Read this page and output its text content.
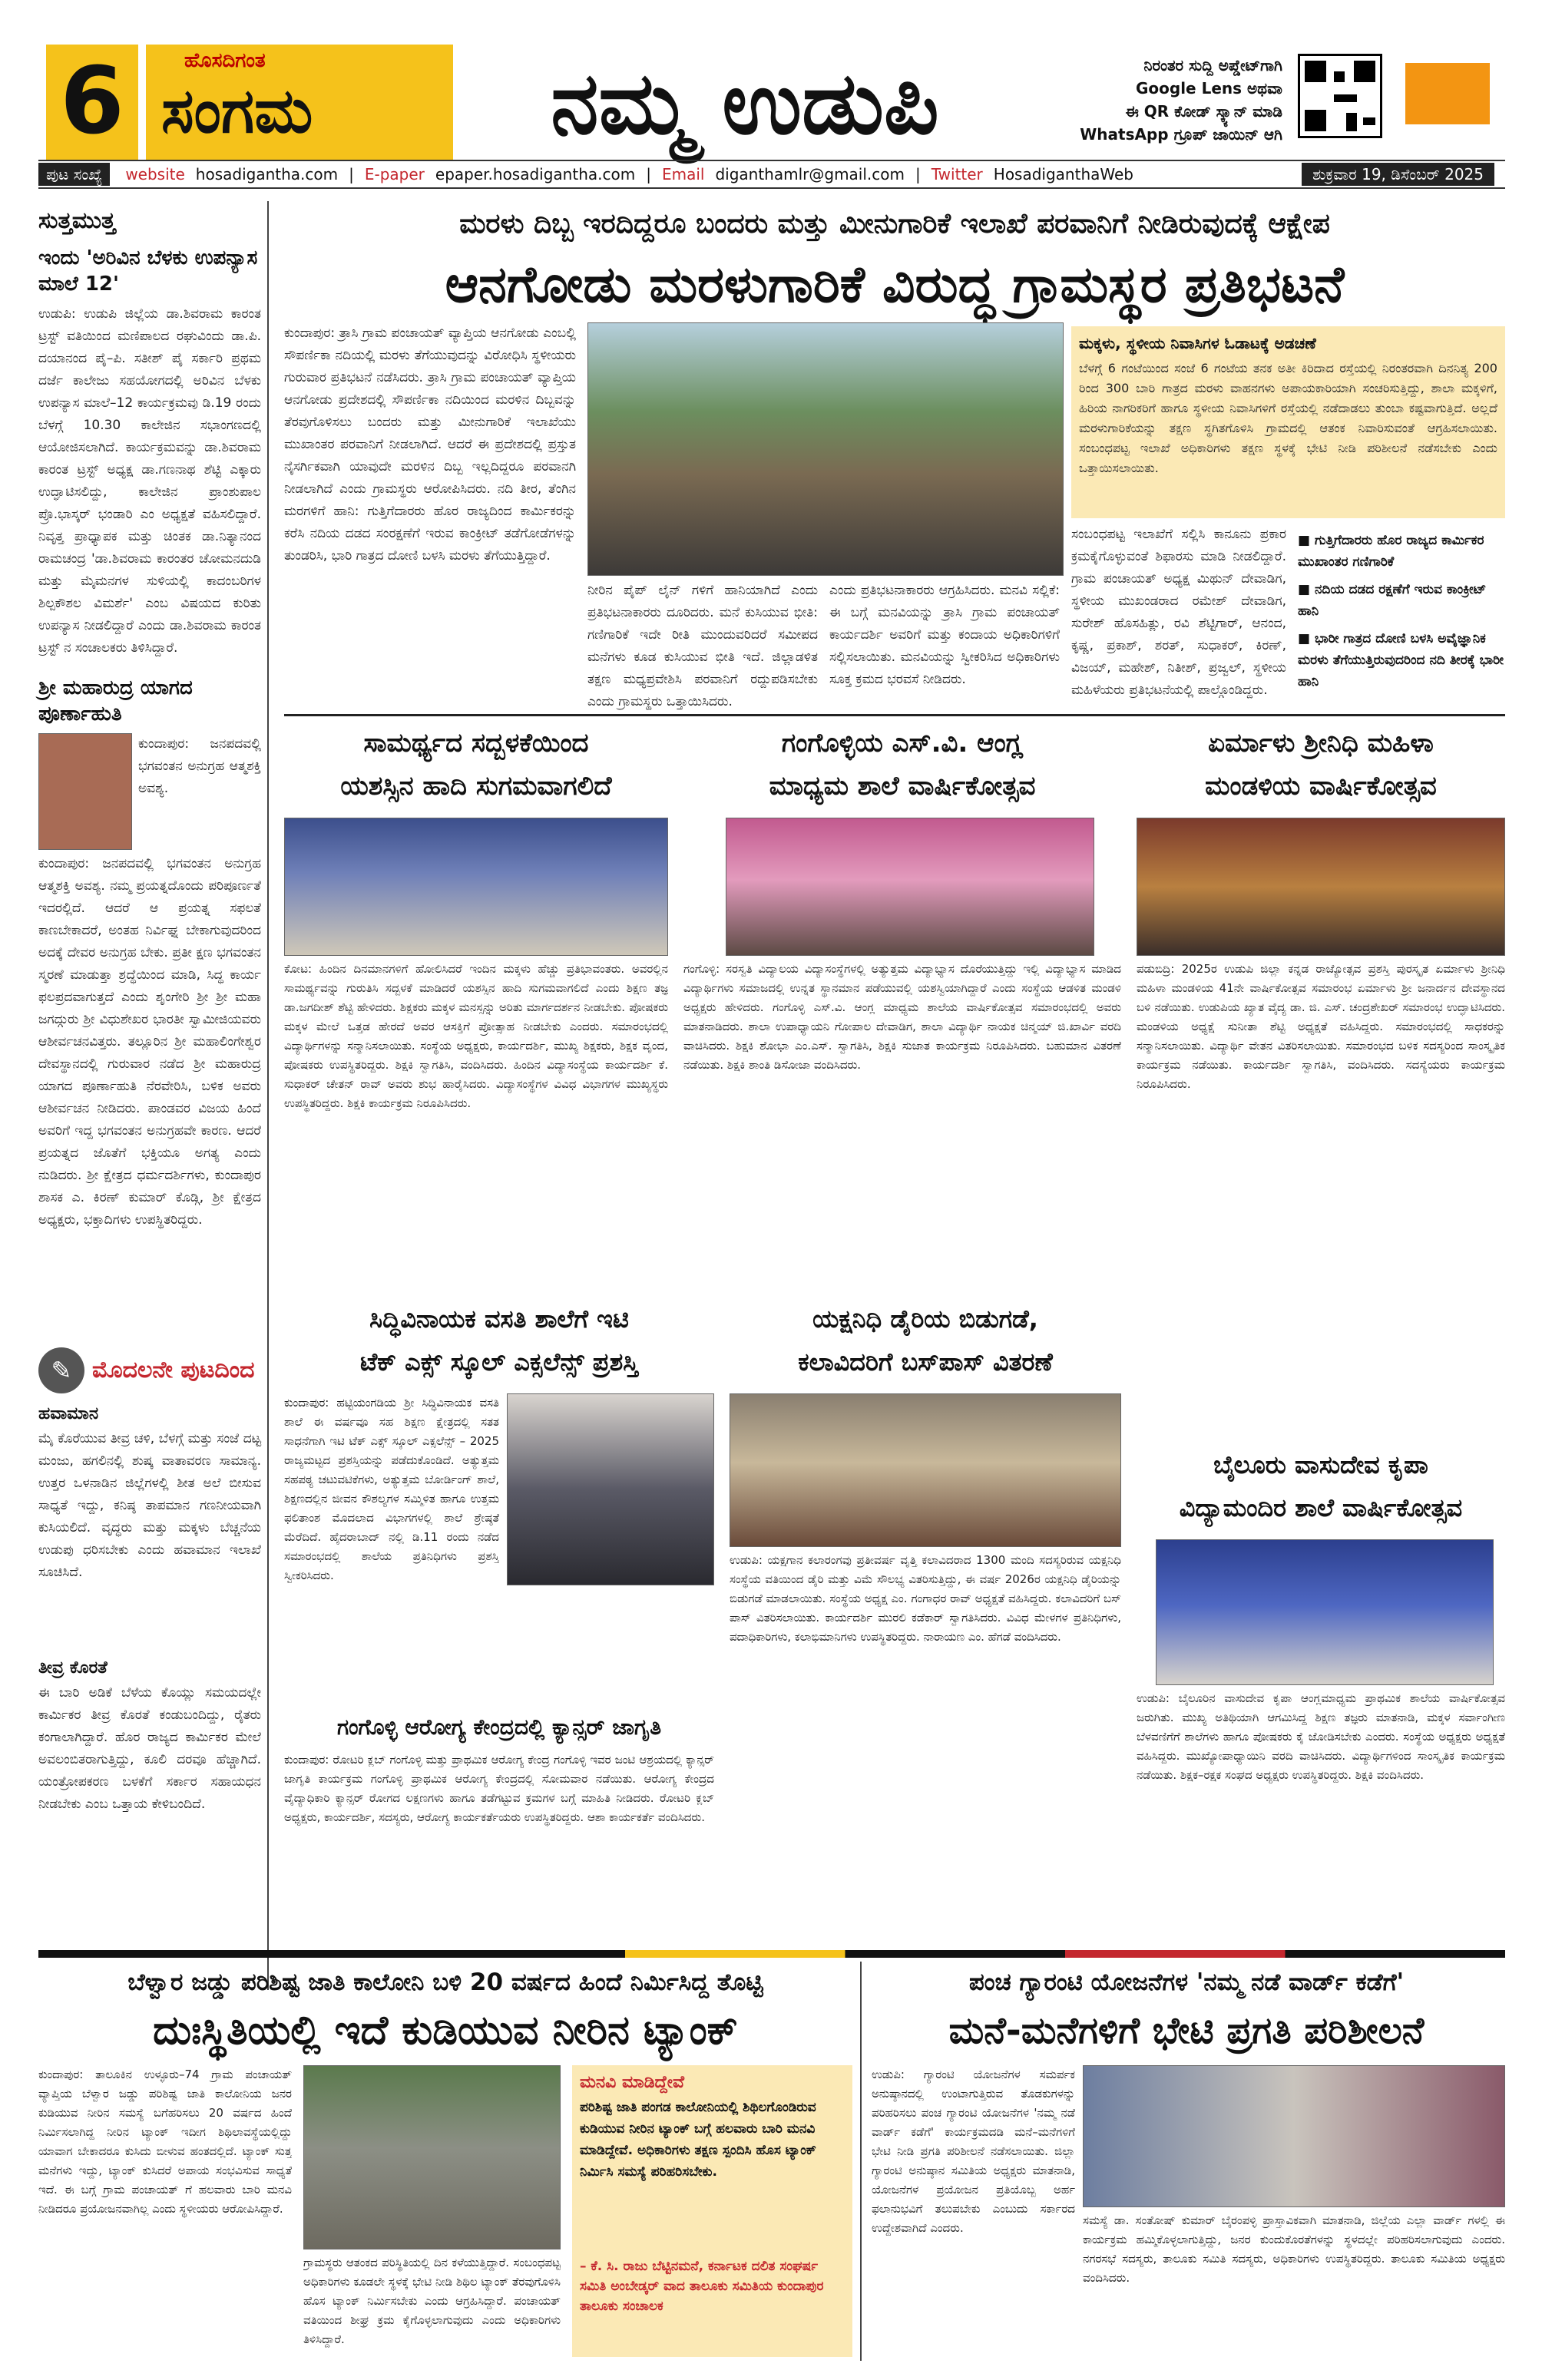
6	ಹೊಸದಿಗಂತ
ಸಂಗಮ	ನಮ್ಮ ಉಡುಪಿ	ನಿರಂತರ ಸುದ್ದಿ ಅಪ್ಡೇಟ್‌ಗಾಗಿ
Google Lens ಅಥವಾ
ಈ QR ಕೋಡ್ ಸ್ಕ್ಯಾನ್ ಮಾಡಿ
WhatsApp ಗ್ರೂಪ್ ಜಾಯಿನ್ ಆಗಿ
ಪುಟ ಸಂಖ್ಯೆ	website hosadigantha.com | E-paper epaper.hosadigantha.com | Email diganthamlr@gmail.com | Twitter HosadiganthaWeb	ಶುಕ್ರವಾರ 19, ಡಿಸೆಂಬರ್ 2025
ಸುತ್ತಮುತ್ತ
ಇಂದು 'ಅರಿವಿನ ಬೆಳಕು ಉಪನ್ಯಾಸ ಮಾಲೆ 12'
ಉಡುಪಿ: ಉಡುಪಿ ಜಿಲ್ಲೆಯ ಡಾ.ಶಿವರಾಮ ಕಾರಂತ ಟ್ರಸ್ಟ್ ವತಿಯಿಂದ ಮಣಿಪಾಲದ ರಘುವಿಂದು ಡಾ.ಪಿ. ದಯಾನಂದ ಪೈ–ಪಿ. ಸತೀಶ್ ಪೈ ಸರ್ಕಾರಿ ಪ್ರಥಮ ದರ್ಜೆ ಕಾಲೇಜು ಸಹಯೋಗದಲ್ಲಿ ಅರಿವಿನ ಬೆಳಕು ಉಪನ್ಯಾಸ ಮಾಲೆ–12 ಕಾರ್ಯಕ್ರಮವು ಡಿ.19 ರಂದು ಬೆಳಗ್ಗೆ 10.30 ಕಾಲೇಜಿನ ಸಭಾಂಗಣದಲ್ಲಿ ಆಯೋಜಿಸಲಾಗಿದೆ. ಕಾರ್ಯಕ್ರಮವನ್ನು ಡಾ.ಶಿವರಾಮ ಕಾರಂತ ಟ್ರಸ್ಟ್ ಅಧ್ಯಕ್ಷ ಡಾ.ಗಣನಾಥ ಶೆಟ್ಟಿ ಎಕ್ಕಾರು ಉದ್ಘಾಟಿಸಲಿದ್ದು, ಕಾಲೇಜಿನ ಪ್ರಾಂಶುಪಾಲ ಪ್ರೊ.ಭಾಸ್ಕರ್ ಭಂಡಾರಿ ಎಂ ಅಧ್ಯಕ್ಷತೆ ವಹಿಸಲಿದ್ದಾರೆ. ನಿವೃತ್ತ ಪ್ರಾಧ್ಯಾಪಕ ಮತ್ತು ಚಿಂತಕ ಡಾ.ನಿತ್ಯಾನಂದ ರಾಮಚಂದ್ರ 'ಡಾ.ಶಿವರಾಮ ಕಾರಂತರ ಚೋಮನದುಡಿ ಮತ್ತು ಮೈಮನಗಳ ಸುಳಿಯಲ್ಲಿ ಕಾದಂಬರಿಗಳ ಶಿಲ್ಪಕೌಶಲ ವಿಮರ್ಶೆ' ಎಂಬ ವಿಷಯದ ಕುರಿತು ಉಪನ್ಯಾಸ ನೀಡಲಿದ್ದಾರೆ ಎಂದು ಡಾ.ಶಿವರಾಮ ಕಾರಂತ ಟ್ರಸ್ಟ್ ನ ಸಂಚಾಲಕರು ತಿಳಿಸಿದ್ದಾರೆ.
ಶ್ರೀ ಮಹಾರುದ್ರ ಯಾಗದ ಪೂರ್ಣಾಹುತಿ
ಕುಂದಾಪುರ: ಜನಪದವಲ್ಲಿ ಭಗವಂತನ ಅನುಗ್ರಹ ಆತ್ಮಶಕ್ತಿ ಅವಶ್ಯ.
ಕುಂದಾಪುರ: ಜನಪದವಲ್ಲಿ ಭಗವಂತನ ಅನುಗ್ರಹ ಆತ್ಮಶಕ್ತಿ ಅವಶ್ಯ. ನಮ್ಮ ಪ್ರಯತ್ನದೊಂದು ಪರಿಪೂರ್ಣತೆ ಇದರಲ್ಲಿದೆ. ಆದರೆ ಆ ಪ್ರಯತ್ನ ಸಫಲತೆ ಕಾಣಬೇಕಾದರೆ, ಅಂತಹ ನಿರ್ವಿಘ್ನ ಬೇಕಾಗುವುದರಿಂದ ಅದಕ್ಕೆ ದೇವರ ಅನುಗ್ರಹ ಬೇಕು. ಪ್ರತೀ ಕ್ಷಣ ಭಗವಂತನ ಸ್ಮರಣೆ ಮಾಡುತ್ತಾ ಶ್ರದ್ಧೆಯಿಂದ ಮಾಡಿ, ಸಿದ್ಧ ಕಾರ್ಯ ಫಲಪ್ರದವಾಗುತ್ತದೆ ಎಂದು ಶೃಂಗೇರಿ ಶ್ರೀ ಶ್ರೀ ಮಹಾ ಜಗದ್ಗುರು ಶ್ರೀ ವಿಧುಶೇಖರ ಭಾರತೀ ಸ್ವಾಮೀಜಿಯವರು ಆಶೀರ್ವಚನವಿತ್ತರು. ತಲ್ಲೂರಿನ ಶ್ರೀ ಮಹಾಲಿಂಗೇಶ್ವರ ದೇವಸ್ಥಾನದಲ್ಲಿ ಗುರುವಾರ ನಡೆದ ಶ್ರೀ ಮಹಾರುದ್ರ ಯಾಗದ ಪೂರ್ಣಾಹುತಿ ನೆರವೇರಿಸಿ, ಬಳಿಕ ಅವರು ಆಶೀರ್ವಚನ ನೀಡಿದರು. ಪಾಂಡವರ ವಿಜಯ ಹಿಂದೆ ಅವರಿಗೆ ಇದ್ದ ಭಗವಂತನ ಅನುಗ್ರಹವೇ ಕಾರಣ. ಆದರೆ ಪ್ರಯತ್ನದ ಜೊತೆಗೆ ಭಕ್ತಿಯೂ ಅಗತ್ಯ ಎಂದು ನುಡಿದರು. ಶ್ರೀ ಕ್ಷೇತ್ರದ ಧರ್ಮದರ್ಶಿಗಳು, ಕುಂದಾಪುರ ಶಾಸಕ ಎ. ಕಿರಣ್ ಕುಮಾರ್ ಕೊಡ್ಗಿ, ಶ್ರೀ ಕ್ಷೇತ್ರದ ಅಧ್ಯಕ್ಷರು, ಭಕ್ತಾದಿಗಳು ಉಪಸ್ಥಿತರಿದ್ದರು.
✎ ಮೊದಲನೇ ಪುಟದಿಂದ
ಹವಾಮಾನ
ಮೈ ಕೊರೆಯುವ ತೀವ್ರ ಚಳಿ, ಬೆಳಗ್ಗೆ ಮತ್ತು ಸಂಜೆ ದಟ್ಟ ಮಂಜು, ಹಗಲಿನಲ್ಲಿ ಶುಷ್ಕ ವಾತಾವರಣ ಸಾಮಾನ್ಯ. ಉತ್ತರ ಒಳನಾಡಿನ ಜಿಲ್ಲೆಗಳಲ್ಲಿ ಶೀತ ಅಲೆ ಬೀಸುವ ಸಾಧ್ಯತೆ ಇದ್ದು, ಕನಿಷ್ಠ ತಾಪಮಾನ ಗಣನೀಯವಾಗಿ ಕುಸಿಯಲಿದೆ. ವೃದ್ಧರು ಮತ್ತು ಮಕ್ಕಳು ಬೆಚ್ಚನೆಯ ಉಡುಪು ಧರಿಸಬೇಕು ಎಂದು ಹವಾಮಾನ ಇಲಾಖೆ ಸೂಚಿಸಿದೆ.
ತೀವ್ರ ಕೊರತೆ
ಈ ಬಾರಿ ಅಡಿಕೆ ಬೆಳೆಯ ಕೊಯ್ಲು ಸಮಯದಲ್ಲೇ ಕಾರ್ಮಿಕರ ತೀವ್ರ ಕೊರತೆ ಕಂಡುಬಂದಿದ್ದು, ರೈತರು ಕಂಗಾಲಾಗಿದ್ದಾರೆ. ಹೊರ ರಾಜ್ಯದ ಕಾರ್ಮಿಕರ ಮೇಲೆ ಅವಲಂಬಿತರಾಗುತ್ತಿದ್ದು, ಕೂಲಿ ದರವೂ ಹೆಚ್ಚಾಗಿದೆ. ಯಂತ್ರೋಪಕರಣ ಬಳಕೆಗೆ ಸರ್ಕಾರ ಸಹಾಯಧನ ನೀಡಬೇಕು ಎಂಬ ಒತ್ತಾಯ ಕೇಳಿಬಂದಿದೆ.
ಮರಳು ದಿಬ್ಬ ಇರದಿದ್ದರೂ ಬಂದರು ಮತ್ತು ಮೀನುಗಾರಿಕೆ ಇಲಾಖೆ ಪರವಾನಿಗೆ ನೀಡಿರುವುದಕ್ಕೆ ಆಕ್ಷೇಪ
ಆನಗೋಡು ಮರಳುಗಾರಿಕೆ ವಿರುದ್ಧ ಗ್ರಾಮಸ್ಥರ ಪ್ರತಿಭಟನೆ
ಕುಂದಾಪುರ: ತ್ರಾಸಿ ಗ್ರಾಮ ಪಂಚಾಯತ್ ವ್ಯಾಪ್ತಿಯ ಆನಗೋಡು ಎಂಬಲ್ಲಿ ಸೌಪರ್ಣಿಕಾ ನದಿಯಲ್ಲಿ ಮರಳು ತೆಗೆಯುವುದನ್ನು ವಿರೋಧಿಸಿ ಸ್ಥಳೀಯರು ಗುರುವಾರ ಪ್ರತಿಭಟನೆ ನಡೆಸಿದರು. ತ್ರಾಸಿ ಗ್ರಾಮ ಪಂಚಾಯತ್ ವ್ಯಾಪ್ತಿಯ ಆನಗೋಡು ಪ್ರದೇಶದಲ್ಲಿ ಸೌಪರ್ಣಿಕಾ ನದಿಯಿಂದ ಮರಳಿನ ದಿಬ್ಬವನ್ನು ತೆರವುಗೊಳಿಸಲು ಬಂದರು ಮತ್ತು ಮೀನುಗಾರಿಕೆ ಇಲಾಖೆಯು ಮುಖಾಂತರ ಪರವಾನಿಗೆ ನೀಡಲಾಗಿದೆ. ಆದರೆ ಈ ಪ್ರದೇಶದಲ್ಲಿ ಪ್ರಸ್ತುತ ನೈಸರ್ಗಿಕವಾಗಿ ಯಾವುದೇ ಮರಳಿನ ದಿಬ್ಬ ಇಲ್ಲದಿದ್ದರೂ ಪರವಾನಗಿ ನೀಡಲಾಗಿದೆ ಎಂದು ಗ್ರಾಮಸ್ಥರು ಆರೋಪಿಸಿದರು. ನದಿ ತೀರ, ತೆಂಗಿನ ಮರಗಳಿಗೆ ಹಾನಿ: ಗುತ್ತಿಗೆದಾರರು ಹೊರ ರಾಜ್ಯದಿಂದ ಕಾರ್ಮಿಕರನ್ನು ಕರೆಸಿ ನದಿಯ ದಡದ ಸಂರಕ್ಷಣೆಗೆ ಇರುವ ಕಾಂಕ್ರೀಟ್ ತಡೆಗೋಡೆಗಳನ್ನು ತುಂಡರಿಸಿ, ಭಾರಿ ಗಾತ್ರದ ದೋಣಿ ಬಳಸಿ ಮರಳು ತೆಗೆಯುತ್ತಿದ್ದಾರೆ.
ನೀರಿನ ಪೈಪ್ ಲೈನ್ ಗಳಿಗೆ ಹಾನಿಯಾಗಿದೆ ಎಂದು ಪ್ರತಿಭಟನಾಕಾರರು ದೂರಿದರು. ಮನೆ ಕುಸಿಯುವ ಭೀತಿ: ಗಣಿಗಾರಿಕೆ ಇದೇ ರೀತಿ ಮುಂದುವರಿದರೆ ಸಮೀಪದ ಮನೆಗಳು ಕೂಡ ಕುಸಿಯುವ ಭೀತಿ ಇದೆ. ಜಿಲ್ಲಾಡಳಿತ ತಕ್ಷಣ ಮಧ್ಯಪ್ರವೇಶಿಸಿ ಪರವಾನಿಗೆ ರದ್ದುಪಡಿಸಬೇಕು ಎಂದು ಗ್ರಾಮಸ್ಥರು ಒತ್ತಾಯಿಸಿದರು.
ಎಂದು ಪ್ರತಿಭಟನಾಕಾರರು ಆಗ್ರಹಿಸಿದರು. ಮನವಿ ಸಲ್ಲಿಕೆ: ಈ ಬಗ್ಗೆ ಮನವಿಯನ್ನು ತ್ರಾಸಿ ಗ್ರಾಮ ಪಂಚಾಯತ್ ಕಾರ್ಯದರ್ಶಿ ಅವರಿಗೆ ಮತ್ತು ಕಂದಾಯ ಅಧಿಕಾರಿಗಳಿಗೆ ಸಲ್ಲಿಸಲಾಯಿತು. ಮನವಿಯನ್ನು ಸ್ವೀಕರಿಸಿದ ಅಧಿಕಾರಿಗಳು ಸೂಕ್ತ ಕ್ರಮದ ಭರವಸೆ ನೀಡಿದರು.
ಮಕ್ಕಳು, ಸ್ಥಳೀಯ ನಿವಾಸಿಗಳ ಓಡಾಟಕ್ಕೆ ಅಡಚಣೆ
ಬೆಳಗ್ಗೆ 6 ಗಂಟೆಯಿಂದ ಸಂಜೆ 6 ಗಂಟೆಯ ತನಕ ಅತೀ ಕಿರಿದಾದ ರಸ್ತೆಯಲ್ಲಿ ನಿರಂತರವಾಗಿ ದಿನನಿತ್ಯ 200 ರಿಂದ 300 ಬಾರಿ ಗಾತ್ರದ ಮರಳು ವಾಹನಗಳು ಅಪಾಯಕಾರಿಯಾಗಿ ಸಂಚರಿಸುತ್ತಿದ್ದು, ಶಾಲಾ ಮಕ್ಕಳಿಗೆ, ಹಿರಿಯ ನಾಗರಿಕರಿಗೆ ಹಾಗೂ ಸ್ಥಳೀಯ ನಿವಾಸಿಗಳಿಗೆ ರಸ್ತೆಯಲ್ಲಿ ನಡೆದಾಡಲು ತುಂಬಾ ಕಷ್ಟವಾಗುತ್ತಿದೆ. ಅಲ್ಲದೆ ಮರಳುಗಾರಿಕೆಯನ್ನು ತಕ್ಷಣ ಸ್ಥಗಿತಗೊಳಿಸಿ ಗ್ರಾಮದಲ್ಲಿ ಆತಂಕ ನಿವಾರಿಸುವಂತೆ ಆಗ್ರಹಿಸಲಾಯಿತು. ಸಂಬಂಧಪಟ್ಟ ಇಲಾಖೆ ಅಧಿಕಾರಿಗಳು ತಕ್ಷಣ ಸ್ಥಳಕ್ಕೆ ಭೇಟಿ ನೀಡಿ ಪರಿಶೀಲನೆ ನಡೆಸಬೇಕು ಎಂದು ಒತ್ತಾಯಿಸಲಾಯಿತು.
ಸಂಬಂಧಪಟ್ಟ ಇಲಾಖೆಗೆ ಸಲ್ಲಿಸಿ ಕಾನೂನು ಪ್ರಕಾರ ಕ್ರಮಕೈಗೊಳ್ಳುವಂತೆ ಶಿಫಾರಸು ಮಾಡಿ ನೀಡಲಿದ್ದಾರೆ. ಗ್ರಾಮ ಪಂಚಾಯತ್ ಅಧ್ಯಕ್ಷ ಮಿಥುನ್ ದೇವಾಡಿಗ, ಸ್ಥಳೀಯ ಮುಖಂಡರಾದ ರಮೇಶ್ ದೇವಾಡಿಗ, ಸುರೇಶ್ ಹೊಸಹಿತ್ಲು, ರವಿ ಶೆಟ್ಟಿಗಾರ್, ಆನಂದ, ಕೃಷ್ಣ, ಪ್ರಕಾಶ್, ಶರತ್, ಸುಧಾಕರ್, ಕಿರಣ್, ವಿಜಯ್, ಮಹೇಶ್, ನಿತೀಶ್, ಪ್ರಜ್ವಲ್, ಸ್ಥಳೀಯ ಮಹಿಳೆಯರು ಪ್ರತಿಭಟನೆಯಲ್ಲಿ ಪಾಲ್ಗೊಂಡಿದ್ದರು.
■ ಗುತ್ತಿಗೆದಾರರು ಹೊರ ರಾಜ್ಯದ ಕಾರ್ಮಿಕರ ಮುಖಾಂತರ ಗಣಿಗಾರಿಕೆ
■ ನದಿಯ ದಡದ ರಕ್ಷಣೆಗೆ ಇರುವ ಕಾಂಕ್ರೀಟ್ ಹಾನಿ
■ ಭಾರೀ ಗಾತ್ರದ ದೋಣಿ ಬಳಸಿ ಅವೈಜ್ಞಾನಿಕ ಮರಳು ತೆಗೆಯುತ್ತಿರುವುದರಿಂದ ನದಿ ತೀರಕ್ಕೆ ಭಾರೀ ಹಾನಿ
ಸಾಮರ್ಥ್ಯದ ಸದ್ಬಳಕೆಯಿಂದ
ಯಶಸ್ಸಿನ ಹಾದಿ ಸುಗಮವಾಗಲಿದೆ
ಕೋಟ: ಹಿಂದಿನ ದಿನಮಾನಗಳಿಗೆ ಹೋಲಿಸಿದರೆ ಇಂದಿನ ಮಕ್ಕಳು ಹೆಚ್ಚು ಪ್ರತಿಭಾವಂತರು. ಅವರಲ್ಲಿನ ಸಾಮರ್ಥ್ಯವನ್ನು ಗುರುತಿಸಿ ಸದ್ಬಳಕೆ ಮಾಡಿದರೆ ಯಶಸ್ಸಿನ ಹಾದಿ ಸುಗಮವಾಗಲಿದೆ ಎಂದು ಶಿಕ್ಷಣ ತಜ್ಞ ಡಾ.ಜಗದೀಶ್ ಶೆಟ್ಟಿ ಹೇಳಿದರು. ಶಿಕ್ಷಕರು ಮಕ್ಕಳ ಮನಸ್ಸನ್ನು ಅರಿತು ಮಾರ್ಗದರ್ಶನ ನೀಡಬೇಕು. ಪೋಷಕರು ಮಕ್ಕಳ ಮೇಲೆ ಒತ್ತಡ ಹೇರದೆ ಅವರ ಆಸಕ್ತಿಗೆ ಪ್ರೋತ್ಸಾಹ ನೀಡಬೇಕು ಎಂದರು. ಸಮಾರಂಭದಲ್ಲಿ ವಿದ್ಯಾರ್ಥಿಗಳನ್ನು ಸನ್ಮಾನಿಸಲಾಯಿತು. ಸಂಸ್ಥೆಯ ಅಧ್ಯಕ್ಷರು, ಕಾರ್ಯದರ್ಶಿ, ಮುಖ್ಯ ಶಿಕ್ಷಕರು, ಶಿಕ್ಷಕ ವೃಂದ, ಪೋಷಕರು ಉಪಸ್ಥಿತರಿದ್ದರು. ಶಿಕ್ಷಕಿ ಸ್ವಾಗತಿಸಿ, ವಂದಿಸಿದರು. ಹಿಂದಿನ ವಿದ್ಯಾಸಂಸ್ಥೆಯ ಕಾರ್ಯದರ್ಶಿ ಕೆ. ಸುಧಾಕರ್ ಚೇತನ್ ರಾವ್ ಅವರು ಶುಭ ಹಾರೈಸಿದರು. ವಿದ್ಯಾಸಂಸ್ಥೆಗಳ ವಿವಿಧ ವಿಭಾಗಗಳ ಮುಖ್ಯಸ್ಥರು ಉಪಸ್ಥಿತರಿದ್ದರು. ಶಿಕ್ಷಕಿ ಕಾರ್ಯಕ್ರಮ ನಿರೂಪಿಸಿದರು.
ಗಂಗೊಳ್ಳಿಯ ಎಸ್.ವಿ. ಆಂಗ್ಲ
ಮಾಧ್ಯಮ ಶಾಲೆ ವಾರ್ಷಿಕೋತ್ಸವ
ಗಂಗೊಳ್ಳಿ: ಸರಸ್ವತಿ ವಿದ್ಯಾಲಯ ವಿದ್ಯಾಸಂಸ್ಥೆಗಳಲ್ಲಿ ಅತ್ಯುತ್ತಮ ವಿದ್ಯಾಭ್ಯಾಸ ದೊರೆಯುತ್ತಿದ್ದು ಇಲ್ಲಿ ವಿದ್ಯಾಭ್ಯಾಸ ಮಾಡಿದ ವಿದ್ಯಾರ್ಥಿಗಳು ಸಮಾಜದಲ್ಲಿ ಉನ್ನತ ಸ್ಥಾನಮಾನ ಪಡೆಯುವಲ್ಲಿ ಯಶಸ್ವಿಯಾಗಿದ್ದಾರೆ ಎಂದು ಸಂಸ್ಥೆಯ ಆಡಳಿತ ಮಂಡಳಿ ಅಧ್ಯಕ್ಷರು ಹೇಳಿದರು. ಗಂಗೊಳ್ಳಿ ಎಸ್.ವಿ. ಆಂಗ್ಲ ಮಾಧ್ಯಮ ಶಾಲೆಯ ವಾರ್ಷಿಕೋತ್ಸವ ಸಮಾರಂಭದಲ್ಲಿ ಅವರು ಮಾತನಾಡಿದರು. ಶಾಲಾ ಉಪಾಧ್ಯಾಯನಿ ಗೋಪಾಲ ದೇವಾಡಿಗ, ಶಾಲಾ ವಿದ್ಯಾರ್ಥಿ ನಾಯಕ ಚಿನ್ಮಯ್ ಜಿ.ಖಾರ್ವಿ ವರದಿ ವಾಚಿಸಿದರು. ಶಿಕ್ಷಕಿ ಶೋಭಾ ಎಂ.ಎಸ್. ಸ್ವಾಗತಿಸಿ, ಶಿಕ್ಷಕಿ ಸುಜಾತ ಕಾರ್ಯಕ್ರಮ ನಿರೂಪಿಸಿದರು. ಬಹುಮಾನ ವಿತರಣೆ ನಡೆಯಿತು. ಶಿಕ್ಷಕಿ ಶಾಂತಿ ಡಿಸೋಜಾ ವಂದಿಸಿದರು.
ಏರ್ಮಾಳು ಶ್ರೀನಿಧಿ ಮಹಿಳಾ
ಮಂಡಳಿಯ ವಾರ್ಷಿಕೋತ್ಸವ
ಪಡುಬಿದ್ರಿ: 2025ರ ಉಡುಪಿ ಜಿಲ್ಲಾ ಕನ್ನಡ ರಾಜ್ಯೋತ್ಸವ ಪ್ರಶಸ್ತಿ ಪುರಸ್ಕೃತ ಏರ್ಮಾಳು ಶ್ರೀನಿಧಿ ಮಹಿಳಾ ಮಂಡಳಿಯ 41ನೇ ವಾರ್ಷಿಕೋತ್ಸವ ಸಮಾರಂಭ ಏರ್ಮಾಳು ಶ್ರೀ ಜನಾರ್ದನ ದೇವಸ್ಥಾನದ ಬಳಿ ನಡೆಯಿತು. ಉಡುಪಿಯ ಖ್ಯಾತ ವೈದ್ಯ ಡಾ. ಜಿ. ಎಸ್. ಚಂದ್ರಶೇಖರ್ ಸಮಾರಂಭ ಉದ್ಘಾಟಿಸಿದರು. ಮಂಡಳಿಯ ಅಧ್ಯಕ್ಷೆ ಸುನೀತಾ ಶೆಟ್ಟಿ ಅಧ್ಯಕ್ಷತೆ ವಹಿಸಿದ್ದರು. ಸಮಾರಂಭದಲ್ಲಿ ಸಾಧಕರನ್ನು ಸನ್ಮಾನಿಸಲಾಯಿತು. ವಿದ್ಯಾರ್ಥಿ ವೇತನ ವಿತರಿಸಲಾಯಿತು. ಸಮಾರಂಭದ ಬಳಿಕ ಸದಸ್ಯರಿಂದ ಸಾಂಸ್ಕೃತಿಕ ಕಾರ್ಯಕ್ರಮ ನಡೆಯಿತು. ಕಾರ್ಯದರ್ಶಿ ಸ್ವಾಗತಿಸಿ, ವಂದಿಸಿದರು. ಸದಸ್ಯೆಯರು ಕಾರ್ಯಕ್ರಮ ನಿರೂಪಿಸಿದರು.
ಸಿದ್ಧಿವಿನಾಯಕ ವಸತಿ ಶಾಲೆಗೆ ಇಟಿ
ಟೆಕ್ ಎಕ್ಸ್ ಸ್ಕೂಲ್ ಎಕ್ಸಲೆನ್ಸ್ ಪ್ರಶಸ್ತಿ
ಕುಂದಾಪುರ: ಹಟ್ಟಿಯಂಗಡಿಯ ಶ್ರೀ ಸಿದ್ಧಿವಿನಾಯಕ ವಸತಿ ಶಾಲೆ ಈ ವರ್ಷವೂ ಸಹ ಶಿಕ್ಷಣ ಕ್ಷೇತ್ರದಲ್ಲಿ ಸತತ ಸಾಧನೆಗಾಗಿ ಇಟಿ ಟೆಕ್ ಎಕ್ಸ್ ಸ್ಕೂಲ್ ಎಕ್ಸಲೆನ್ಸ್ – 2025 ರಾಜ್ಯಮಟ್ಟದ ಪ್ರಶಸ್ತಿಯನ್ನು ಪಡೆದುಕೊಂಡಿದೆ. ಅತ್ಯುತ್ತಮ ಸಹಪಠ್ಯ ಚಟುವಟಿಕೆಗಳು, ಅತ್ಯುತ್ತಮ ಬೋರ್ಡಿಂಗ್ ಶಾಲೆ, ಶಿಕ್ಷಣದಲ್ಲಿನ ಜೀವನ ಕೌಶಲ್ಯಗಳ ಸಮ್ಮಿಳಿತ ಹಾಗೂ ಉತ್ತಮ ಫಲಿತಾಂಶ ಮೊದಲಾದ ವಿಭಾಗಗಳಲ್ಲಿ ಶಾಲೆ ಶ್ರೇಷ್ಠತೆ ಮೆರೆದಿದೆ. ಹೈದರಾಬಾದ್ ನಲ್ಲಿ ಡಿ.11 ರಂದು ನಡೆದ ಸಮಾರಂಭದಲ್ಲಿ ಶಾಲೆಯ ಪ್ರತಿನಿಧಿಗಳು ಪ್ರಶಸ್ತಿ ಸ್ವೀಕರಿಸಿದರು.
ಯಕ್ಷನಿಧಿ ಡೈರಿಯ ಬಿಡುಗಡೆ,
ಕಲಾವಿದರಿಗೆ ಬಸ್‌ಪಾಸ್ ವಿತರಣೆ
ಉಡುಪಿ: ಯಕ್ಷಗಾನ ಕಲಾರಂಗವು ಪ್ರತೀವರ್ಷ ವೃತ್ತಿ ಕಲಾವಿದರಾದ 1300 ಮಂದಿ ಸದಸ್ಯರಿರುವ ಯಕ್ಷನಿಧಿ ಸಂಸ್ಥೆಯ ವತಿಯಿಂದ ಡೈರಿ ಮತ್ತು ವಿಮೆ ಸೌಲಭ್ಯ ವಿತರಿಸುತ್ತಿದ್ದು, ಈ ವರ್ಷ 2026ರ ಯಕ್ಷನಿಧಿ ಡೈರಿಯನ್ನು ಬಿಡುಗಡೆ ಮಾಡಲಾಯಿತು. ಸಂಸ್ಥೆಯ ಅಧ್ಯಕ್ಷ ಎಂ. ಗಂಗಾಧರ ರಾವ್ ಅಧ್ಯಕ್ಷತೆ ವಹಿಸಿದ್ದರು. ಕಲಾವಿದರಿಗೆ ಬಸ್ ಪಾಸ್ ವಿತರಿಸಲಾಯಿತು. ಕಾರ್ಯದರ್ಶಿ ಮುರಲಿ ಕಡೆಕಾರ್ ಸ್ವಾಗತಿಸಿದರು. ವಿವಿಧ ಮೇಳಗಳ ಪ್ರತಿನಿಧಿಗಳು, ಪದಾಧಿಕಾರಿಗಳು, ಕಲಾಭಿಮಾನಿಗಳು ಉಪಸ್ಥಿತರಿದ್ದರು. ನಾರಾಯಣ ಎಂ. ಹೆಗಡೆ ವಂದಿಸಿದರು.
ಬೈಲೂರು ವಾಸುದೇವ ಕೃಪಾ
ವಿದ್ಯಾಮಂದಿರ ಶಾಲೆ ವಾರ್ಷಿಕೋತ್ಸವ
ಉಡುಪಿ: ಬೈಲೂರಿನ ವಾಸುದೇವ ಕೃಪಾ ಆಂಗ್ಲಮಾಧ್ಯಮ ಪ್ರಾಥಮಿಕ ಶಾಲೆಯ ವಾರ್ಷಿಕೋತ್ಸವ ಜರುಗಿತು. ಮುಖ್ಯ ಅತಿಥಿಯಾಗಿ ಆಗಮಿಸಿದ್ದ ಶಿಕ್ಷಣ ತಜ್ಞರು ಮಾತನಾಡಿ, ಮಕ್ಕಳ ಸರ್ವಾಂಗೀಣ ಬೆಳವಣಿಗೆಗೆ ಶಾಲೆಗಳು ಹಾಗೂ ಪೋಷಕರು ಕೈ ಜೋಡಿಸಬೇಕು ಎಂದರು. ಸಂಸ್ಥೆಯ ಅಧ್ಯಕ್ಷರು ಅಧ್ಯಕ್ಷತೆ ವಹಿಸಿದ್ದರು. ಮುಖ್ಯೋಪಾಧ್ಯಾಯಿನಿ ವರದಿ ವಾಚಿಸಿದರು. ವಿದ್ಯಾರ್ಥಿಗಳಿಂದ ಸಾಂಸ್ಕೃತಿಕ ಕಾರ್ಯಕ್ರಮ ನಡೆಯಿತು. ಶಿಕ್ಷಕ–ರಕ್ಷಕ ಸಂಘದ ಅಧ್ಯಕ್ಷರು ಉಪಸ್ಥಿತರಿದ್ದರು. ಶಿಕ್ಷಕಿ ವಂದಿಸಿದರು.
ಗಂಗೊಳ್ಳಿ ಆರೋಗ್ಯ ಕೇಂದ್ರದಲ್ಲಿ ಕ್ಯಾನ್ಸರ್ ಜಾಗೃತಿ
ಕುಂದಾಪುರ: ರೋಟರಿ ಕ್ಲಬ್ ಗಂಗೊಳ್ಳಿ ಮತ್ತು ಪ್ರಾಥಮಿಕ ಆರೋಗ್ಯ ಕೇಂದ್ರ ಗಂಗೊಳ್ಳಿ ಇವರ ಜಂಟಿ ಆಶ್ರಯದಲ್ಲಿ ಕ್ಯಾನ್ಸರ್ ಜಾಗೃತಿ ಕಾರ್ಯಕ್ರಮ ಗಂಗೊಳ್ಳಿ ಪ್ರಾಥಮಿಕ ಆರೋಗ್ಯ ಕೇಂದ್ರದಲ್ಲಿ ಸೋಮವಾರ ನಡೆಯಿತು. ಆರೋಗ್ಯ ಕೇಂದ್ರದ ವೈದ್ಯಾಧಿಕಾರಿ ಕ್ಯಾನ್ಸರ್ ರೋಗದ ಲಕ್ಷಣಗಳು ಹಾಗೂ ತಡೆಗಟ್ಟುವ ಕ್ರಮಗಳ ಬಗ್ಗೆ ಮಾಹಿತಿ ನೀಡಿದರು. ರೋಟರಿ ಕ್ಲಬ್ ಅಧ್ಯಕ್ಷರು, ಕಾರ್ಯದರ್ಶಿ, ಸದಸ್ಯರು, ಆರೋಗ್ಯ ಕಾರ್ಯಕರ್ತೆಯರು ಉಪಸ್ಥಿತರಿದ್ದರು. ಆಶಾ ಕಾರ್ಯಕರ್ತೆ ವಂದಿಸಿದರು.
ಬೆಳ್ವಾರ ಜಡ್ಡು ಪರಿಶಿಷ್ಟ ಜಾತಿ ಕಾಲೋನಿ ಬಳಿ 20 ವರ್ಷದ ಹಿಂದೆ ನಿರ್ಮಿಸಿದ್ದ ತೊಟ್ಟಿ
ದುಃಸ್ಥಿತಿಯಲ್ಲಿ ಇದೆ ಕುಡಿಯುವ ನೀರಿನ ಟ್ಯಾಂಕ್
ಕುಂದಾಪುರ: ತಾಲೂಕಿನ ಉಳ್ಳೂರು–74 ಗ್ರಾಮ ಪಂಚಾಯತ್ ವ್ಯಾಪ್ತಿಯ ಬೆಳ್ವಾರ ಜಡ್ಡು ಪರಿಶಿಷ್ಟ ಜಾತಿ ಕಾಲೋನಿಯ ಜನರ ಕುಡಿಯುವ ನೀರಿನ ಸಮಸ್ಯೆ ಬಗೆಹರಿಸಲು 20 ವರ್ಷದ ಹಿಂದೆ ನಿರ್ಮಿಸಲಾಗಿದ್ದ ನೀರಿನ ಟ್ಯಾಂಕ್ ಇದೀಗ ಶಿಥಿಲಾವಸ್ಥೆಯಲ್ಲಿದ್ದು ಯಾವಾಗ ಬೇಕಾದರೂ ಕುಸಿದು ಬೀಳುವ ಹಂತದಲ್ಲಿದೆ. ಟ್ಯಾಂಕ್ ಸುತ್ತ ಮನೆಗಳು ಇದ್ದು, ಟ್ಯಾಂಕ್ ಕುಸಿದರೆ ಅಪಾಯ ಸಂಭವಿಸುವ ಸಾಧ್ಯತೆ ಇದೆ. ಈ ಬಗ್ಗೆ ಗ್ರಾಮ ಪಂಚಾಯತ್ ಗೆ ಹಲವಾರು ಬಾರಿ ಮನವಿ ನೀಡಿದರೂ ಪ್ರಯೋಜನವಾಗಿಲ್ಲ ಎಂದು ಸ್ಥಳೀಯರು ಆರೋಪಿಸಿದ್ದಾರೆ.
ಗ್ರಾಮಸ್ಥರು ಆತಂಕದ ಪರಿಸ್ಥಿತಿಯಲ್ಲಿ ದಿನ ಕಳೆಯುತ್ತಿದ್ದಾರೆ. ಸಂಬಂಧಪಟ್ಟ ಅಧಿಕಾರಿಗಳು ಕೂಡಲೇ ಸ್ಥಳಕ್ಕೆ ಭೇಟಿ ನೀಡಿ ಶಿಥಿಲ ಟ್ಯಾಂಕ್ ತೆರವುಗೊಳಿಸಿ ಹೊಸ ಟ್ಯಾಂಕ್ ನಿರ್ಮಿಸಬೇಕು ಎಂದು ಆಗ್ರಹಿಸಿದ್ದಾರೆ. ಪಂಚಾಯತ್ ವತಿಯಿಂದ ಶೀಘ್ರ ಕ್ರಮ ಕೈಗೊಳ್ಳಲಾಗುವುದು ಎಂದು ಅಧಿಕಾರಿಗಳು ತಿಳಿಸಿದ್ದಾರೆ.
ಮನವಿ ಮಾಡಿದ್ದೇವೆ
ಪರಿಶಿಷ್ಟ ಜಾತಿ ಪಂಗಡ ಕಾಲೋನಿಯಲ್ಲಿ ಶಿಥಿಲಗೊಂಡಿರುವ ಕುಡಿಯುವ ನೀರಿನ ಟ್ಯಾಂಕ್ ಬಗ್ಗೆ ಹಲವಾರು ಬಾರಿ ಮನವಿ ಮಾಡಿದ್ದೇವೆ. ಅಧಿಕಾರಿಗಳು ತಕ್ಷಣ ಸ್ಪಂದಿಸಿ ಹೊಸ ಟ್ಯಾಂಕ್ ನಿರ್ಮಿಸಿ ಸಮಸ್ಯೆ ಪರಿಹರಿಸಬೇಕು.
– ಕೆ. ಸಿ. ರಾಜು ಬೆಟ್ಟಿನಮನೆ, ಕರ್ನಾಟಕ ದಲಿತ ಸಂಘರ್ಷ ಸಮಿತಿ ಅಂಬೇಡ್ಕರ್ ವಾದ ತಾಲೂಕು ಸಮಿತಿಯ ಕುಂದಾಪುರ ತಾಲೂಕು ಸಂಚಾಲಕ
ಪಂಚ ಗ್ಯಾರಂಟಿ ಯೋಜನೆಗಳ 'ನಮ್ಮ ನಡೆ ವಾರ್ಡ್ ಕಡೆಗೆ'
ಮನೆ-ಮನೆಗಳಿಗೆ ಭೇಟಿ ಪ್ರಗತಿ ಪರಿಶೀಲನೆ
ಉಡುಪಿ: ಗ್ಯಾರಂಟಿ ಯೋಜನೆಗಳ ಸಮರ್ಪಕ ಅನುಷ್ಠಾನದಲ್ಲಿ ಉಂಟಾಗುತ್ತಿರುವ ತೊಡಕುಗಳನ್ನು ಪರಿಹರಿಸಲು ಪಂಚ ಗ್ಯಾರಂಟಿ ಯೋಜನೆಗಳ 'ನಮ್ಮ ನಡೆ ವಾರ್ಡ್ ಕಡೆಗೆ' ಕಾರ್ಯಕ್ರಮದಡಿ ಮನೆ–ಮನೆಗಳಿಗೆ ಭೇಟಿ ನೀಡಿ ಪ್ರಗತಿ ಪರಿಶೀಲನೆ ನಡೆಸಲಾಯಿತು. ಜಿಲ್ಲಾ ಗ್ಯಾರಂಟಿ ಅನುಷ್ಠಾನ ಸಮಿತಿಯ ಅಧ್ಯಕ್ಷರು ಮಾತನಾಡಿ, ಯೋಜನೆಗಳ ಪ್ರಯೋಜನ ಪ್ರತಿಯೊಬ್ಬ ಅರ್ಹ ಫಲಾನುಭವಿಗೆ ತಲುಪಬೇಕು ಎಂಬುದು ಸರ್ಕಾರದ ಉದ್ದೇಶವಾಗಿದೆ ಎಂದರು.
ಸಮಸ್ಯೆ ಡಾ. ಸಂತೋಷ್ ಕುಮಾರ್ ಬೈರಂಪಳ್ಳಿ ಪ್ರಾಸ್ತಾವಿಕವಾಗಿ ಮಾತನಾಡಿ, ಜಿಲ್ಲೆಯ ಎಲ್ಲಾ ವಾರ್ಡ್ ಗಳಲ್ಲಿ ಈ ಕಾರ್ಯಕ್ರಮ ಹಮ್ಮಿಕೊಳ್ಳಲಾಗುತ್ತಿದ್ದು, ಜನರ ಕುಂದುಕೊರತೆಗಳನ್ನು ಸ್ಥಳದಲ್ಲೇ ಪರಿಹರಿಸಲಾಗುವುದು ಎಂದರು. ನಗರಸಭೆ ಸದಸ್ಯರು, ತಾಲೂಕು ಸಮಿತಿ ಸದಸ್ಯರು, ಅಧಿಕಾರಿಗಳು ಉಪಸ್ಥಿತರಿದ್ದರು. ತಾಲೂಕು ಸಮಿತಿಯ ಅಧ್ಯಕ್ಷರು ವಂದಿಸಿದರು.
